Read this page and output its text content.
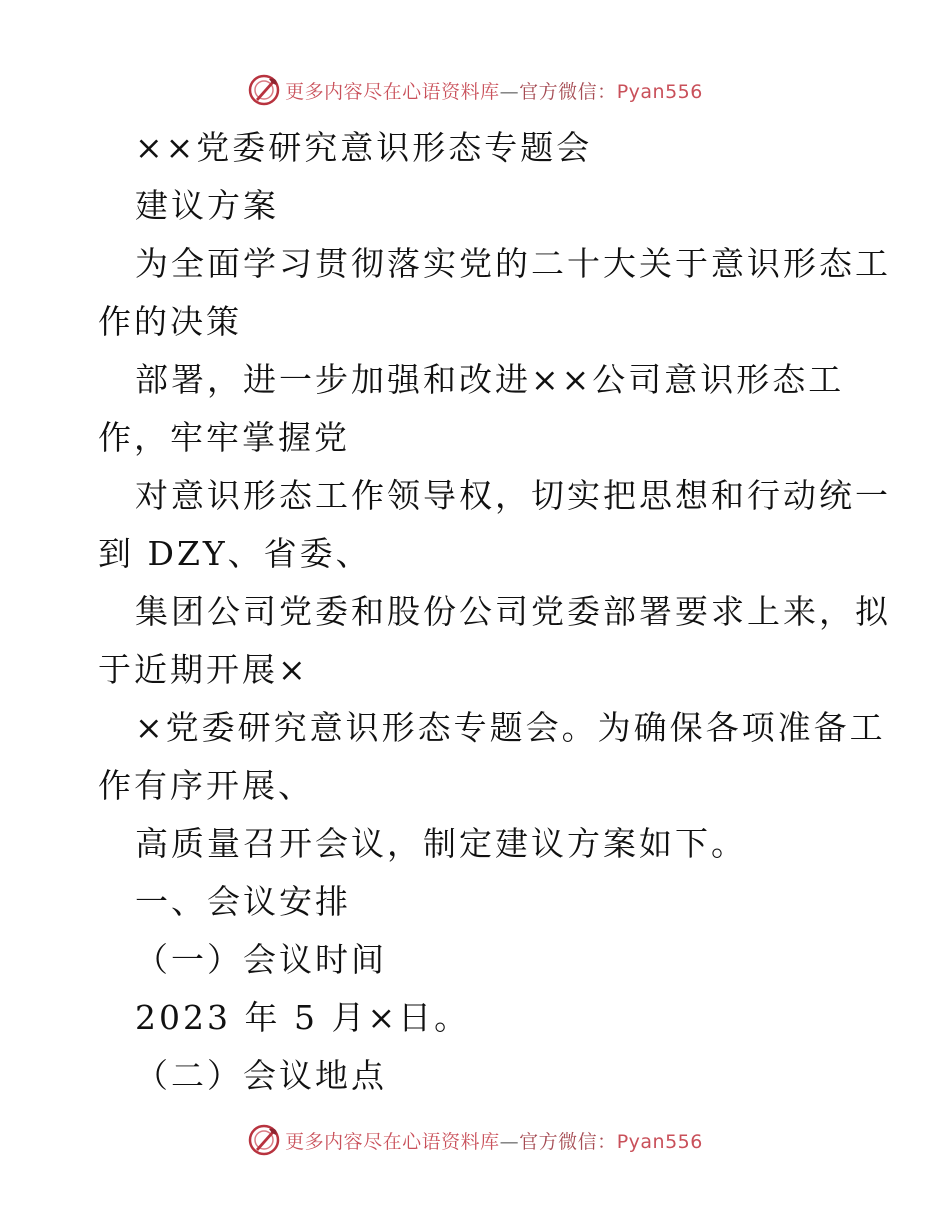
更多内容尽在心语资料库—官方微信：Pyan556
××党委研究意识形态专题会
建议方案
为全面学习贯彻落实党的二十大关于意识形态工
作的决策
部署，进一步加强和改进××公司意识形态工
作，牢牢掌握党
对意识形态工作领导权，切实把思想和行动统一
到 DZY、省委、
集团公司党委和股份公司党委部署要求上来，拟
于近期开展×
×党委研究意识形态专题会。为确保各项准备工
作有序开展、
高质量召开会议，制定建议方案如下。
一、会议安排
（一）会议时间
2023 年 5 月×日。
（二）会议地点
更多内容尽在心语资料库—官方微信：Pyan556
